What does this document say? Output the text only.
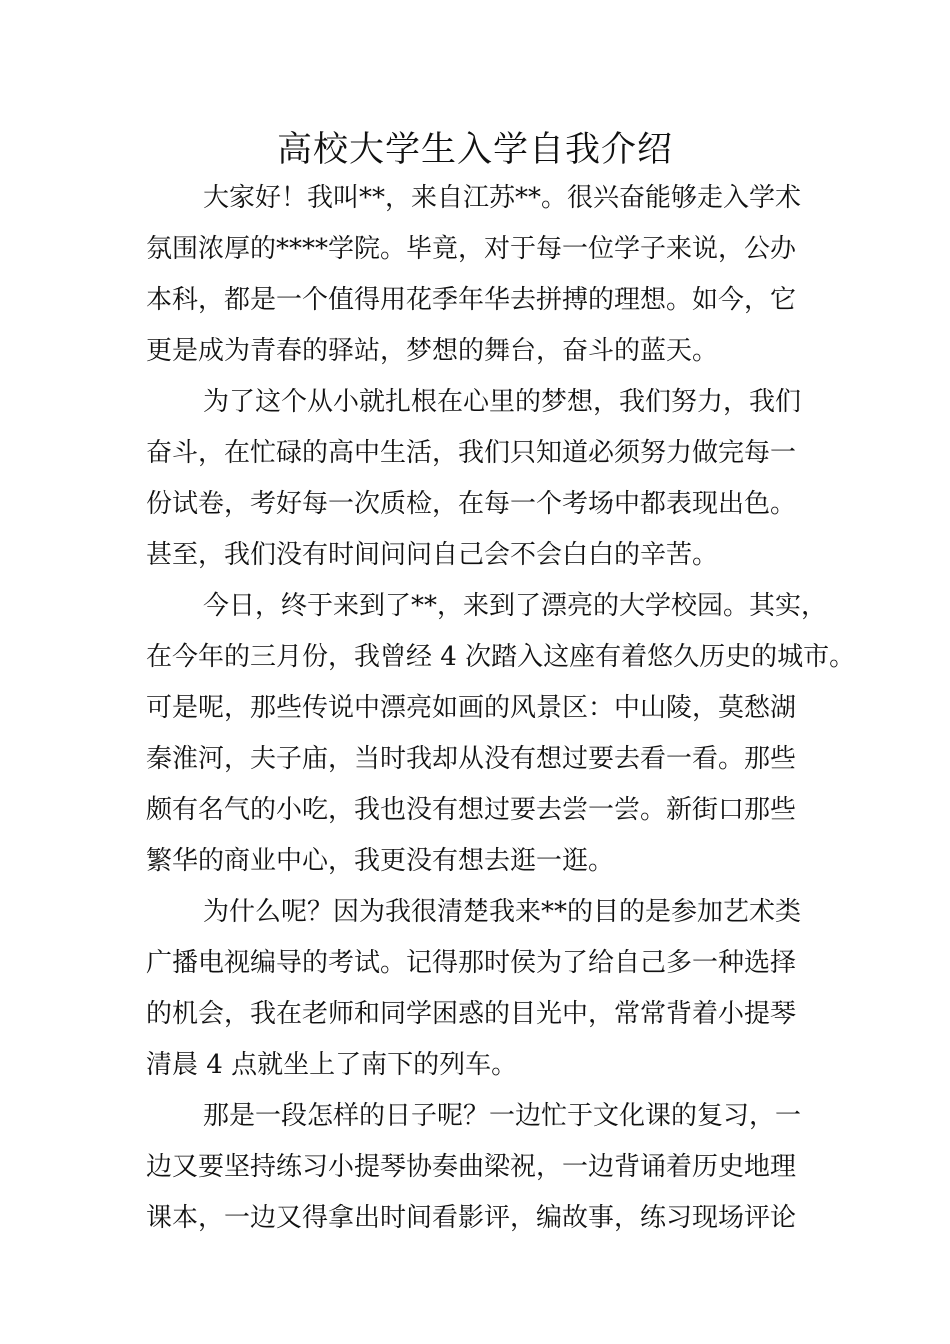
高校大学生入学自我介绍
大家好！我叫**，来自江苏**。很兴奋能够走入学术
氛围浓厚的****学院。毕竟，对于每一位学子来说，公办
本科，都是一个值得用花季年华去拼搏的理想。如今，它
更是成为青春的驿站，梦想的舞台，奋斗的蓝天。
为了这个从小就扎根在心里的梦想，我们努力，我们
奋斗，在忙碌的高中生活，我们只知道必须努力做完每一
份试卷，考好每一次质检，在每一个考场中都表现出色。
甚至，我们没有时间问问自己会不会白白的辛苦。
今日，终于来到了**，来到了漂亮的大学校园。其实，
在今年的三月份，我曾经 4 次踏入这座有着悠久历史的城市。
可是呢，那些传说中漂亮如画的风景区：中山陵，莫愁湖
秦淮河，夫子庙，当时我却从没有想过要去看一看。那些
颇有名气的小吃，我也没有想过要去尝一尝。新街口那些
繁华的商业中心，我更没有想去逛一逛。
为什么呢？因为我很清楚我来**的目的是参加艺术类
广播电视编导的考试。记得那时侯为了给自己多一种选择
的机会，我在老师和同学困惑的目光中，常常背着小提琴
清晨 4 点就坐上了南下的列车。
那是一段怎样的日子呢？一边忙于文化课的复习，一
边又要坚持练习小提琴协奏曲梁祝，一边背诵着历史地理
课本，一边又得拿出时间看影评，编故事，练习现场评论
